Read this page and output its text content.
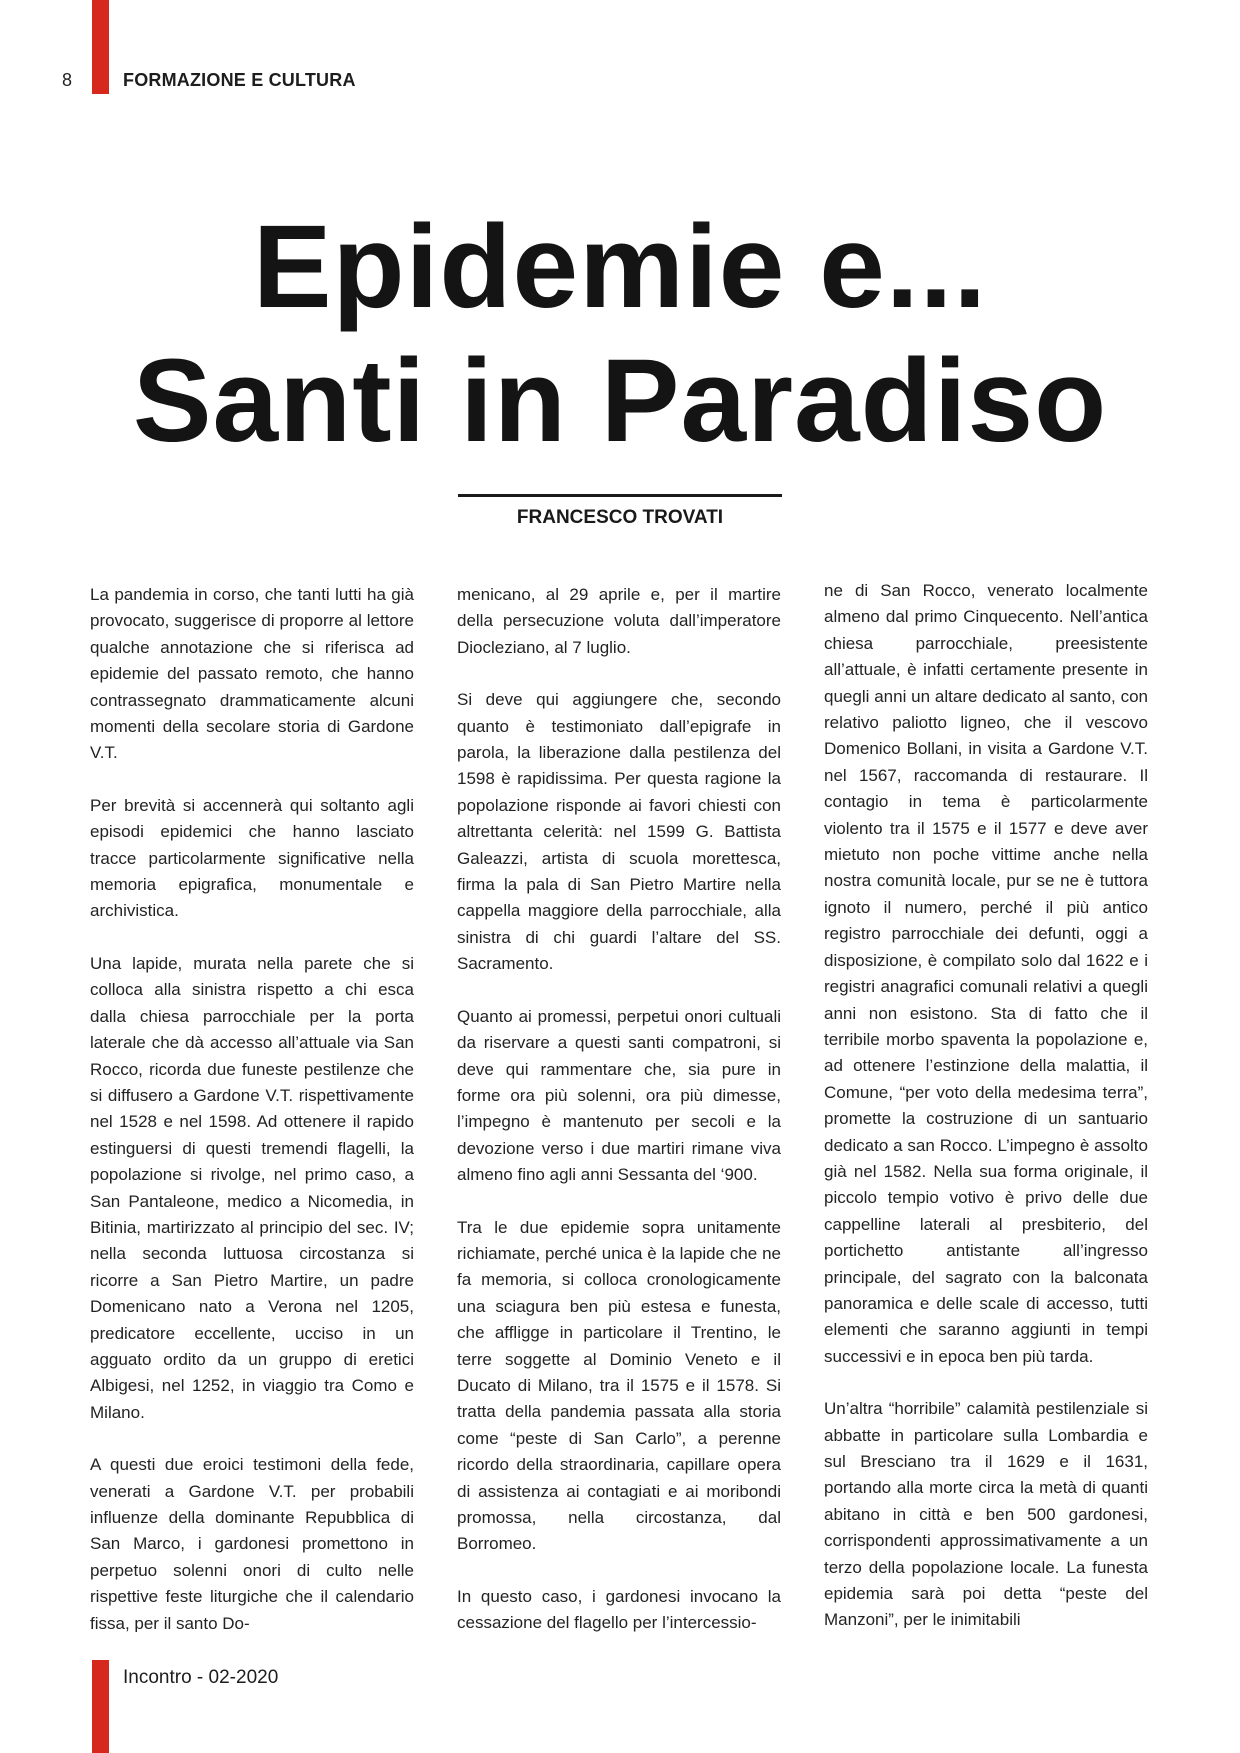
8	FORMAZIONE E CULTURA
Epidemie e...
Santi in Paradiso
FRANCESCO TROVATI

La pandemia in corso, che tanti lutti ha già provocato, suggerisce di proporre al lettore qualche annotazione che si riferisca ad epidemie del passato remoto, che hanno contrassegnato drammaticamente alcuni momenti della secolare storia di Gardone V.T.

Per brevità si accennerà qui soltanto agli episodi epidemici che hanno lasciato tracce particolarmente significative nella memoria epigrafica, monumentale e archivistica.

Una lapide, murata nella parete che si colloca alla sinistra rispetto a chi esca dalla chiesa parrocchiale per la porta laterale che dà accesso all’attuale via San Rocco, ricorda due funeste pestilenze che si diffusero a Gardone V.T. rispettivamente nel 1528 e nel 1598. Ad ottenere il rapido estinguersi di questi tremendi flagelli, la popolazione si rivolge, nel primo caso, a San Pantaleone, medico a Nicomedia, in Bitinia, martirizzato al principio del sec. IV; nella seconda luttuosa circostanza si ricorre a San Pietro Martire, un padre Domenicano nato a Verona nel 1205, predicatore eccellente, ucciso in un agguato ordito da un gruppo di eretici Albigesi, nel 1252, in viaggio tra Como e Milano.

A questi due eroici testimoni della fede, venerati a Gardone V.T. per probabili influenze della dominante Repubblica di San Marco, i gardonesi promettono in perpetuo solenni onori di culto nelle rispettive feste liturgiche che il calendario fissa, per il santo Do-

menicano, al 29 aprile e, per il martire della persecuzione voluta dall’imperatore Diocleziano, al 7 luglio.

Si deve qui aggiungere che, secondo quanto è testimoniato dall’epigrafe in parola, la liberazione dalla pestilenza del 1598 è rapidissima. Per questa ragione la popolazione risponde ai favori chiesti con altrettanta celerità: nel 1599 G. Battista Galeazzi, artista di scuola morettesca, firma la pala di San Pietro Martire nella cappella maggiore della parrocchiale, alla sinistra di chi guardi l’altare del SS. Sacramento.

Quanto ai promessi, perpetui onori cultuali da riservare a questi santi compatroni, si deve qui rammentare che, sia pure in forme ora più solenni, ora più dimesse, l’impegno è mantenuto per secoli e la devozione verso i due martiri rimane viva almeno fino agli anni Sessanta del ‘900.

Tra le due epidemie sopra unitamente richiamate, perché unica è la lapide che ne fa memoria, si colloca cronologicamente una sciagura ben più estesa e funesta, che affligge in particolare il Trentino, le terre soggette al Dominio Veneto e il Ducato di Milano, tra il 1575 e il 1578. Si tratta della pandemia passata alla storia come “peste di San Carlo”, a perenne ricordo della straordinaria, capillare opera di assistenza ai contagiati e ai moribondi promossa, nella circostanza, dal Borromeo.

In questo caso, i gardonesi invocano la cessazione del flagello per l’intercessio-

ne di San Rocco, venerato localmente almeno dal primo Cinquecento. Nell’antica chiesa parrocchiale, preesistente all’attuale, è infatti certamente presente in quegli anni un altare dedicato al santo, con relativo paliotto ligneo, che il vescovo Domenico Bollani, in visita a Gardone V.T. nel 1567, raccomanda di restaurare. Il contagio in tema è particolarmente violento tra il 1575 e il 1577 e deve aver mietuto non poche vittime anche nella nostra comunità locale, pur se ne è tuttora ignoto il numero, perché il più antico registro parrocchiale dei defunti, oggi a disposizione, è compilato solo dal 1622 e i registri anagrafici comunali relativi a quegli anni non esistono. Sta di fatto che il terribile morbo spaventa la popolazione e, ad ottenere l’estinzione della malattia, il Comune, “per voto della medesima terra”, promette la costruzione di un santuario dedicato a san Rocco. L’impegno è assolto già nel 1582. Nella sua forma originale, il piccolo tempio votivo è privo delle due cappelline laterali al presbiterio, del portichetto antistante all’ingresso principale, del sagrato con la balconata panoramica e delle scale di accesso, tutti elementi che saranno aggiunti in tempi successivi e in epoca ben più tarda.

Un’altra “horribile” calamità pestilenziale si abbatte in particolare sulla Lombardia e sul Bresciano tra il 1629 e il 1631, portando alla morte circa la metà di quanti abitano in città e ben 500 gardonesi, corrispondenti approssimativamente a un terzo della popolazione locale. La funesta epidemia sarà poi detta “peste del Manzoni”, per le inimitabili

Incontro - 02-2020
